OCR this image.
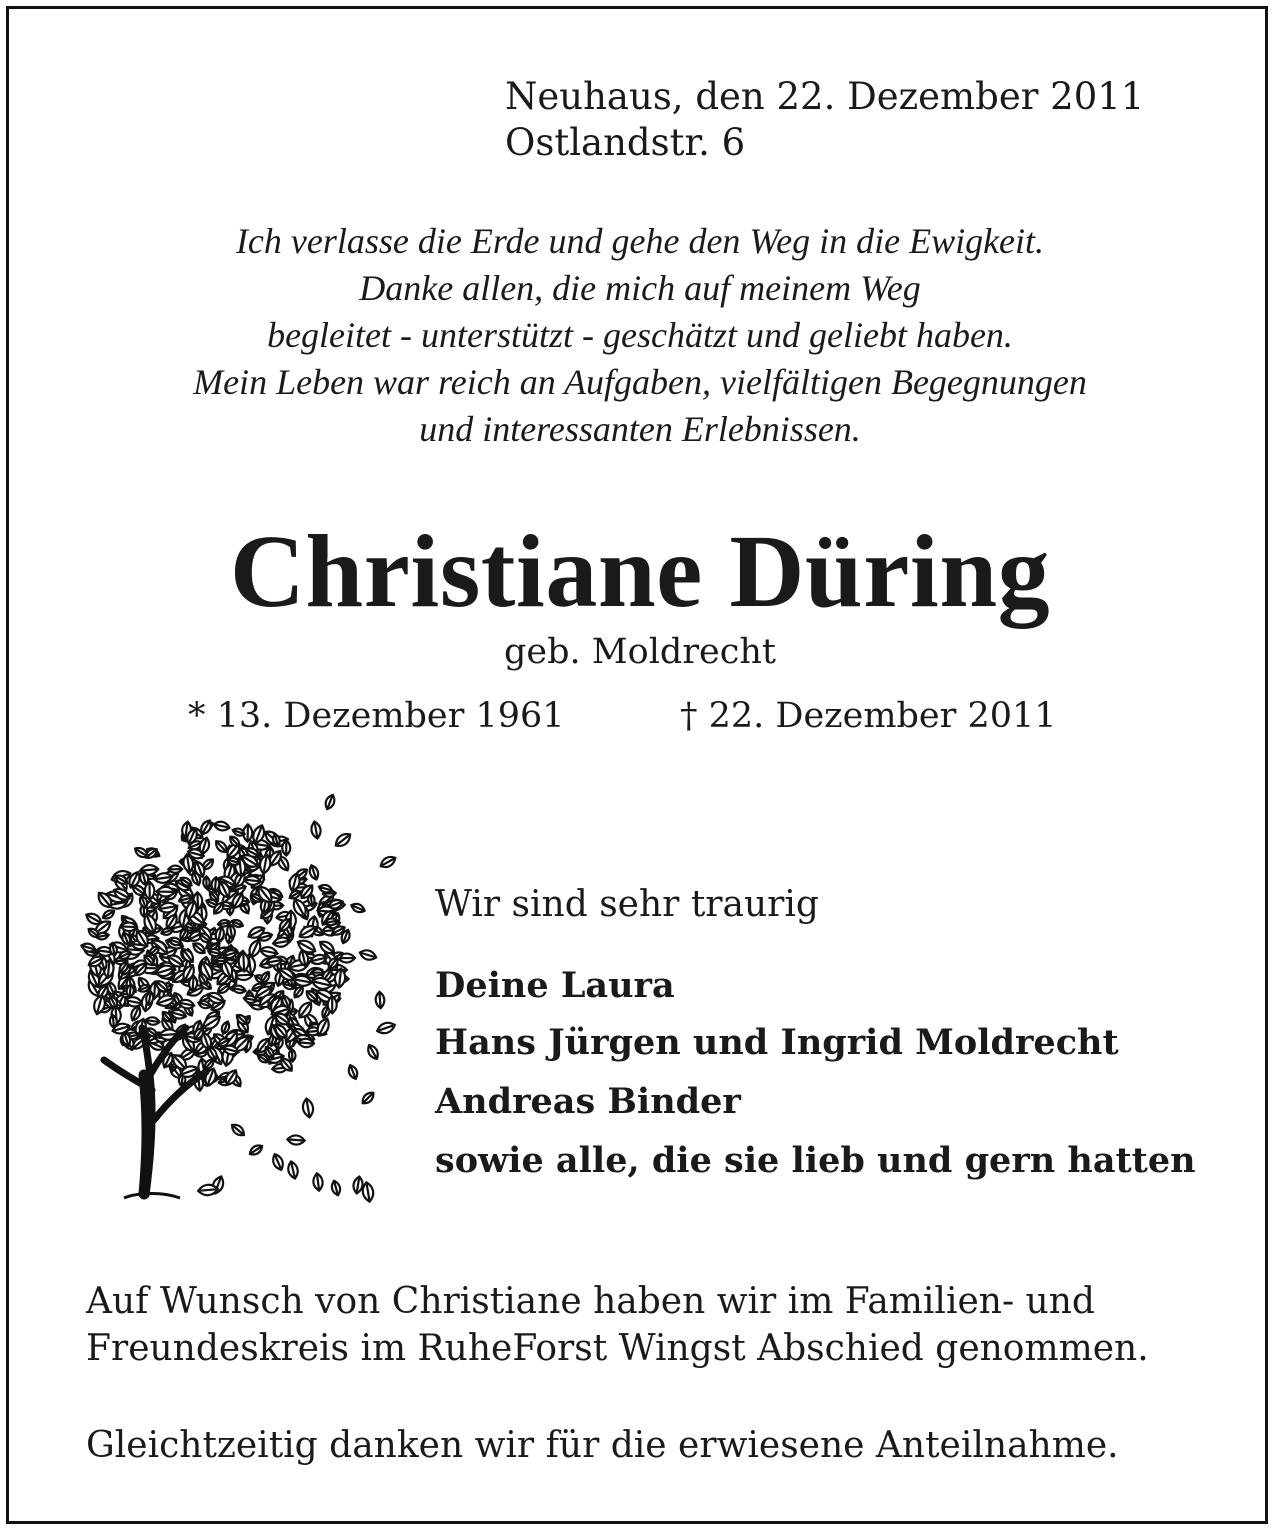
Neuhaus, den 22. Dezember 2011
Ostlandstr. 6
Ich verlasse die Erde und gehe den Weg in die Ewigkeit.
Danke allen, die mich auf meinem Weg
begleitet - unterstützt - geschätzt und geliebt haben.
Mein Leben war reich an Aufgaben, vielfältigen Begegnungen
und interessanten Erlebnissen.
Christiane Düring
geb. Moldrecht
* 13. Dezember 1961	† 22. Dezember 2011
Wir sind sehr traurig
Deine Laura
Hans Jürgen und Ingrid Moldrecht
Andreas Binder
sowie alle, die sie lieb und gern hatten
Auf Wunsch von Christiane haben wir im Familien- und
Freundeskreis im RuheForst Wingst Abschied genommen.
Gleichtzeitig danken wir für die erwiesene Anteilnahme.
